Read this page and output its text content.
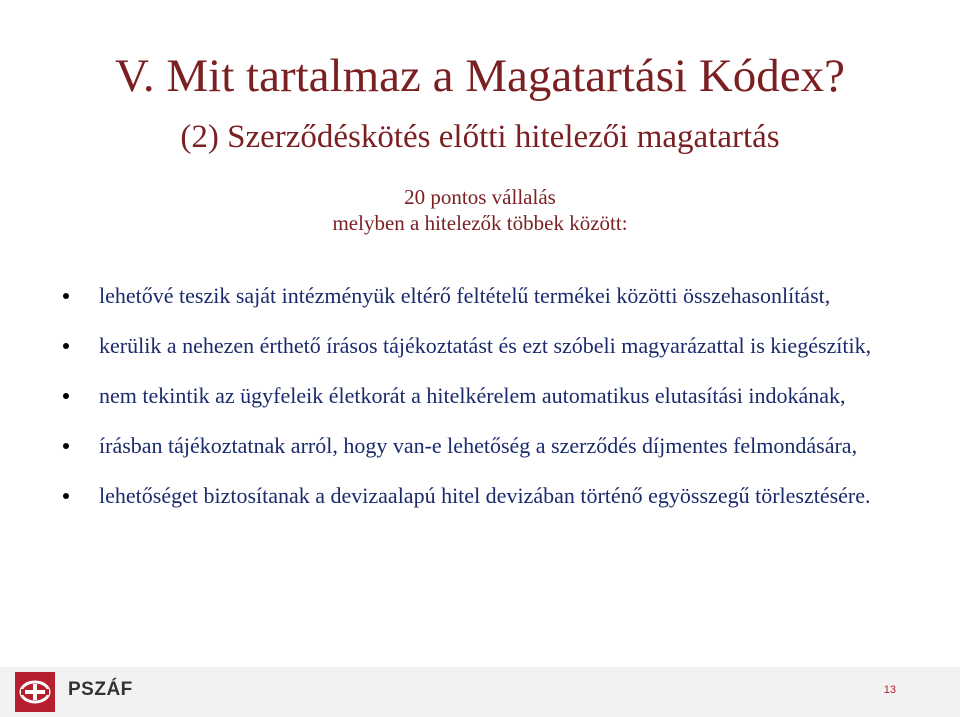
V. Mit tartalmaz a Magatartási Kódex?
(2) Szerződéskötés előtti hitelezői magatartás
20 pontos vállalás
melyben a hitelezők többek között:
lehetővé teszik saját intézményük eltérő feltételű termékei közötti összehasonlítást,
kerülik a nehezen érthető írásos tájékoztatást és ezt szóbeli magyarázattal is kiegészítik,
nem tekintik az ügyfeleik életkorát a hitelkérelem automatikus elutasítási indokának,
írásban tájékoztatnak arról, hogy van-e lehetőség a szerződés díjmentes felmondására,
lehetőséget biztosítanak a devizaalapú hitel devizában történő egyösszegű törlesztésére.
PSZÁF	13
